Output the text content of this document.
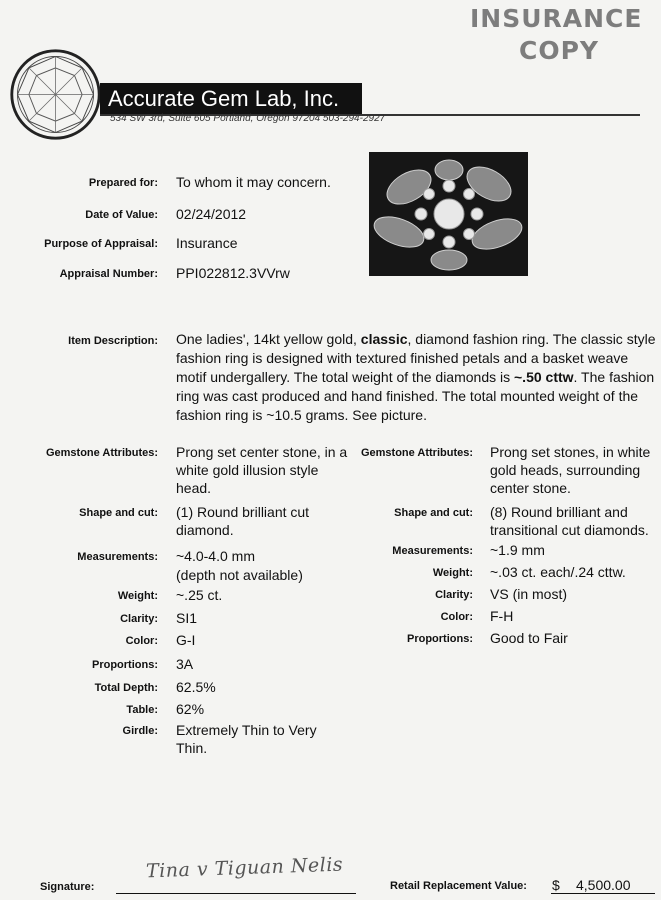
INSURANCE
COPY
Accurate Gem Lab, Inc.
534 SW 3rd, Suite 605 Portland, Oregon 97204 503-294-2927
Prepared for: To whom it may concern.
Date of Value: 02/24/2012
Purpose of Appraisal: Insurance
Appraisal Number: PPI022812.3VVrw
Item Description: One ladies', 14kt yellow gold, classic, diamond fashion ring. The classic style fashion ring is designed with textured finished petals and a basket weave motif undergallery. The total weight of the diamonds is ~.50 cttw. The fashion ring was cast produced and hand finished. The total mounted weight of the fashion ring is ~10.5 grams. See picture.
Gemstone Attributes: Prong set center stone, in a white gold illusion style head.
Shape and cut: (1) Round brilliant cut diamond.
Measurements: ~4.0-4.0 mm
(depth not available)
Weight: ~.25 ct.
Clarity: SI1
Color: G-I
Proportions: 3A
Total Depth: 62.5%
Table: 62%
Girdle: Extremely Thin to Very Thin.
Gemstone Attributes: Prong set stones, in white gold heads, surrounding center stone.
Shape and cut: (8) Round brilliant and transitional cut diamonds.
Measurements: ~1.9 mm
Weight: ~.03 ct. each/.24 cttw.
Clarity: VS (in most)
Color: F-H
Proportions: Good to Fair
Signature:
Tina v Tiguan Nelis
Retail Replacement Value: $ 4,500.00
